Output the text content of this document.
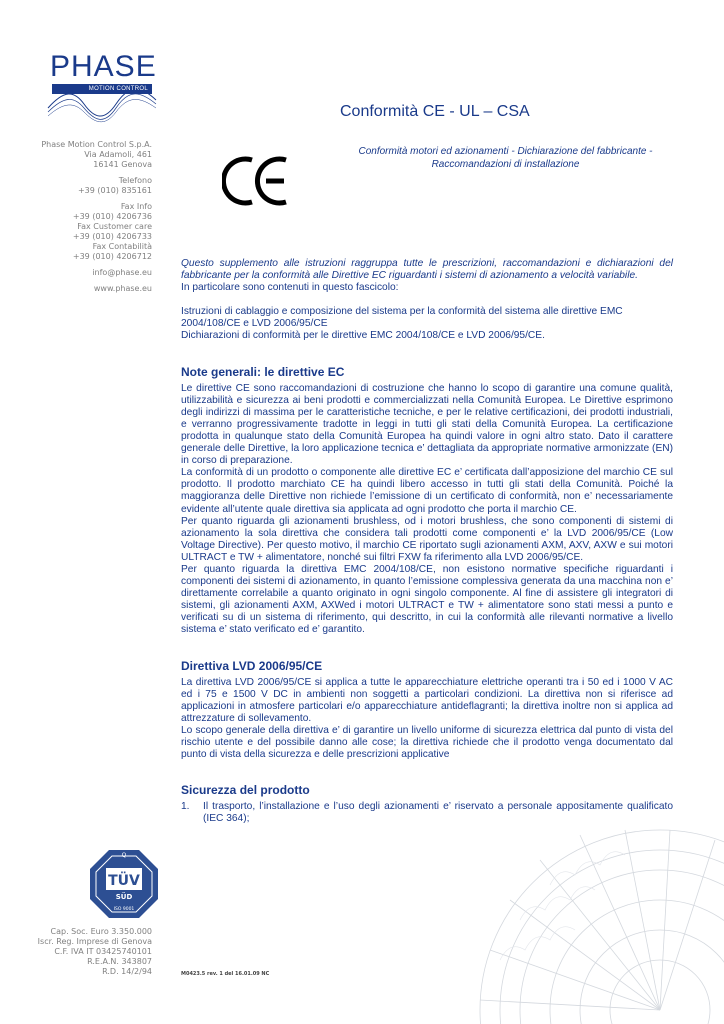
PHASE
MOTION CONTROL
Phase Motion Control S.p.A.
Via Adamoli, 461
16141 Genova
Telefono
+39 (010) 835161
Fax Info
+39 (010) 4206736
Fax Customer care
+39 (010) 4206733
Fax Contabilità
+39 (010) 4206712
info@phase.eu
www.phase.eu
Q
TÜV
SÜD
ISO 9001
Cap. Soc. Euro 3.350.000
Iscr. Reg. Imprese di Genova
C.F. IVA IT 03425740101
R.E.A.N. 343807
R.D. 14/2/94
Conformità CE - UL – CSA
Conformità motori ed azionamenti - Dichiarazione del fabbricante -
Raccomandazioni di installazione

Questo supplemento alle istruzioni raggruppa tutte le prescrizioni, raccomandazioni e dichiarazioni del fabbricante per la conformità alle Direttive EC riguardanti i sistemi di azionamento a velocità variabile.

In particolare sono contenuti in questo fascicolo:

Istruzioni di cablaggio e composizione del sistema per la conformità del sistema alle direttive EMC 2004/108/CE e LVD 2006/95/CE

Dichiarazioni di conformità per le direttive EMC 2004/108/CE e LVD 2006/95/CE.

Note generali: le direttive EC

Le direttive CE sono raccomandazioni di costruzione che hanno lo scopo di garantire una comune qualità, utilizzabilità e sicurezza ai beni prodotti e commercializzati nella Comunità Europea. Le Direttive esprimono degli indirizzi di massima per le caratteristiche tecniche, e per le relative certificazioni, dei prodotti industriali, e verranno progressivamente tradotte in leggi in tutti gli stati della Comunità Europea. La certificazione prodotta in qualunque stato della Comunità Europea ha quindi valore in ogni altro stato. Dato il carattere generale delle Direttive, la loro applicazione tecnica e’ dettagliata da appropriate normative armonizzate (EN) in corso di preparazione.

La conformità di un prodotto o componente alle direttive EC e’ certificata dall’apposizione del marchio CE sul prodotto. Il prodotto marchiato CE ha quindi libero accesso in tutti gli stati della Comunità. Poiché la maggioranza delle Direttive non richiede l’emissione di un certificato di conformità, non e’ necessariamente evidente all’utente quale direttiva sia applicata ad ogni prodotto che porta il marchio CE.

Per quanto riguarda gli azionamenti brushless, od i motori brushless, che sono componenti di sistemi di azionamento la sola direttiva che considera tali prodotti come componenti e’ la LVD 2006/95/CE (Low Voltage Directive). Per questo motivo, il marchio CE riportato sugli azionamenti AXM, AXV, AXW e sui motori ULTRACT e TW + alimentatore, nonché sui filtri FXW fa riferimento alla LVD 2006/95/CE.

Per quanto riguarda la direttiva EMC 2004/108/CE, non esistono normative specifiche riguardanti i componenti dei sistemi di azionamento, in quanto l’emissione complessiva generata da una macchina non e’ direttamente correlabile a quanto originato in ogni singolo componente. Al fine di assistere gli integratori di sistemi, gli azionamenti AXM, AXWed i motori ULTRACT e TW + alimentatore sono stati messi a punto e verificati su di un sistema di riferimento, qui descritto, in cui la conformità alle rilevanti normative a livello sistema e’ stato verificato ed e’ garantito.

Direttiva LVD 2006/95/CE

La direttiva LVD 2006/95/CE si applica a tutte le apparecchiature elettriche operanti tra i 50 ed i 1000 V AC ed i 75 e 1500 V DC in ambienti non soggetti a particolari condizioni. La direttiva non si riferisce ad applicazioni in atmosfere particolari e/o apparecchiature antideflagranti; la direttiva inoltre non si applica ad attrezzature di sollevamento.

Lo scopo generale della direttiva e’ di garantire un livello uniforme di sicurezza elettrica dal punto di vista del rischio utente e del possibile danno alle cose; la direttiva richiede che il prodotto venga documentato dal punto di vista della sicurezza e delle prescrizioni applicative

Sicurezza del prodotto
1.	Il trasporto, l’installazione e l’uso degli azionamenti e’ riservato a personale appositamente qualificato (IEC 364);
M0423.5 rev. 1 del 16.01.09 NC
